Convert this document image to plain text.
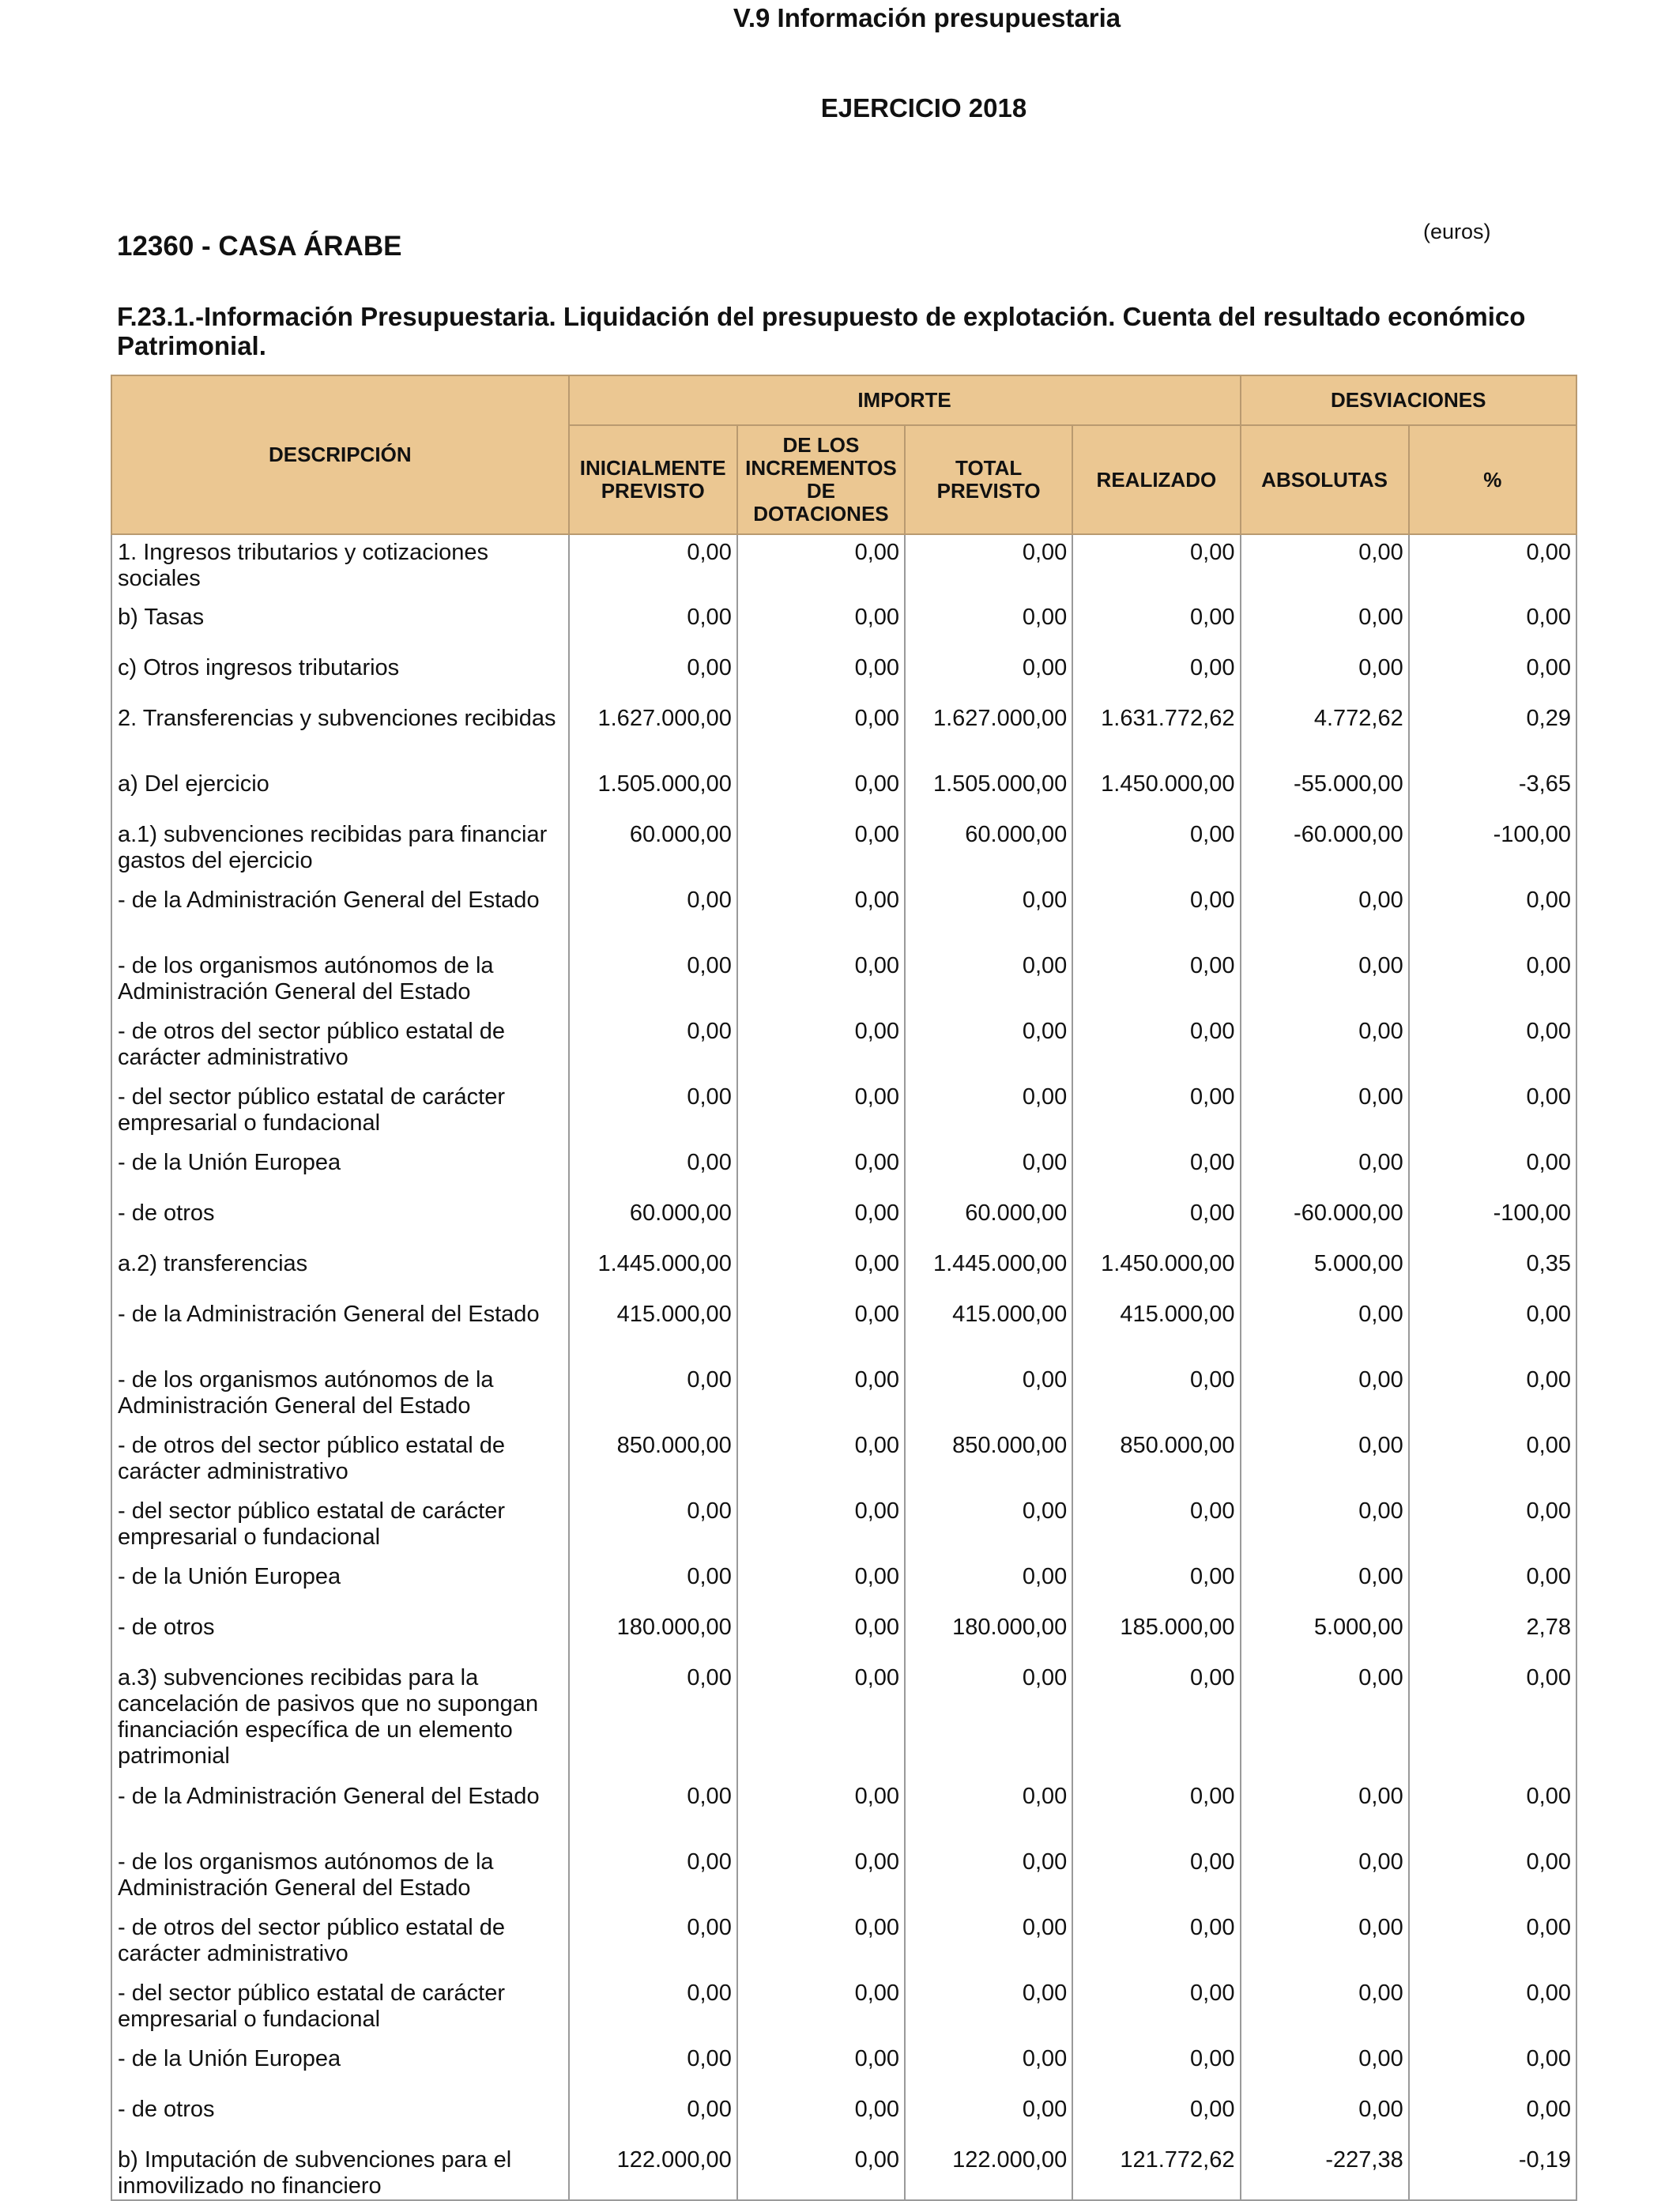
V.9 Información presupuestaria
EJERCICIO 2018
12360 - CASA ÁRABE	(euros)
F.23.1.-Información Presupuestaria. Liquidación del presupuesto de explotación. Cuenta del resultado económico Patrimonial.
DESCRIPCIÓN	IMPORTE				DESVIACIONES	
	INICIALMENTE PREVISTO	DE LOS INCREMENTOS DE DOTACIONES	TOTAL PREVISTO	REALIZADO	ABSOLUTAS	%
1. Ingresos tributarios y cotizaciones sociales	0,00	0,00	0,00	0,00	0,00	0,00
b) Tasas	0,00	0,00	0,00	0,00	0,00	0,00
c) Otros ingresos tributarios	0,00	0,00	0,00	0,00	0,00	0,00
2. Transferencias y subvenciones recibidas	1.627.000,00	0,00	1.627.000,00	1.631.772,62	4.772,62	0,29
a) Del ejercicio	1.505.000,00	0,00	1.505.000,00	1.450.000,00	-55.000,00	-3,65
a.1) subvenciones recibidas para financiar gastos del ejercicio	60.000,00	0,00	60.000,00	0,00	-60.000,00	-100,00
- de la Administración General del Estado	0,00	0,00	0,00	0,00	0,00	0,00
- de los organismos autónomos de la Administración General del Estado	0,00	0,00	0,00	0,00	0,00	0,00
- de otros del sector público estatal de carácter administrativo	0,00	0,00	0,00	0,00	0,00	0,00
- del sector público estatal de carácter empresarial o fundacional	0,00	0,00	0,00	0,00	0,00	0,00
- de la Unión Europea	0,00	0,00	0,00	0,00	0,00	0,00
- de otros	60.000,00	0,00	60.000,00	0,00	-60.000,00	-100,00
a.2) transferencias	1.445.000,00	0,00	1.445.000,00	1.450.000,00	5.000,00	0,35
- de la Administración General del Estado	415.000,00	0,00	415.000,00	415.000,00	0,00	0,00
- de los organismos autónomos de la Administración General del Estado	0,00	0,00	0,00	0,00	0,00	0,00
- de otros del sector público estatal de carácter administrativo	850.000,00	0,00	850.000,00	850.000,00	0,00	0,00
- del sector público estatal de carácter empresarial o fundacional	0,00	0,00	0,00	0,00	0,00	0,00
- de la Unión Europea	0,00	0,00	0,00	0,00	0,00	0,00
- de otros	180.000,00	0,00	180.000,00	185.000,00	5.000,00	2,78
a.3) subvenciones recibidas para la cancelación de pasivos que no supongan financiación específica de un elemento patrimonial	0,00	0,00	0,00	0,00	0,00	0,00
- de la Administración General del Estado	0,00	0,00	0,00	0,00	0,00	0,00
- de los organismos autónomos de la Administración General del Estado	0,00	0,00	0,00	0,00	0,00	0,00
- de otros del sector público estatal de carácter administrativo	0,00	0,00	0,00	0,00	0,00	0,00
- del sector público estatal de carácter empresarial o fundacional	0,00	0,00	0,00	0,00	0,00	0,00
- de la Unión Europea	0,00	0,00	0,00	0,00	0,00	0,00
- de otros	0,00	0,00	0,00	0,00	0,00	0,00
b) Imputación de subvenciones para el inmovilizado no financiero	122.000,00	0,00	122.000,00	121.772,62	-227,38	-0,19
